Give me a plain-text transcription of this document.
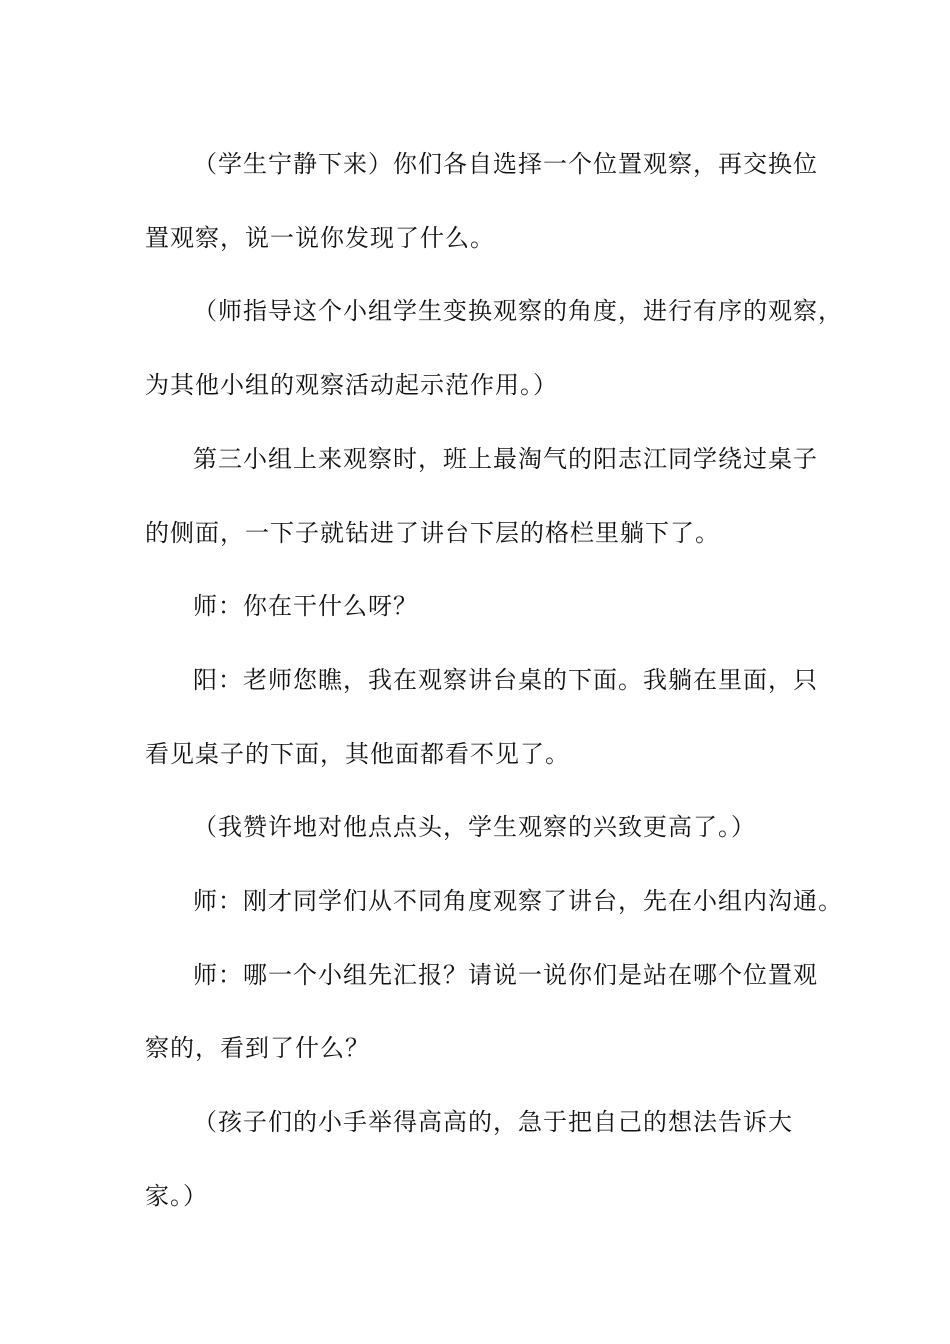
（学生宁静下来）你们各自选择一个位置观察，再交换位
置观察，说一说你发现了什么。

（师指导这个小组学生变换观察的角度，进行有序的观察，
为其他小组的观察活动起示范作用。）

第三小组上来观察时，班上最淘气的阳志江同学绕过桌子
的侧面，一下子就钻进了讲台下层的格栏里躺下了。

师：你在干什么呀？

阳：老师您瞧，我在观察讲台桌的下面。我躺在里面，只
看见桌子的下面，其他面都看不见了。

（我赞许地对他点点头，学生观察的兴致更高了。）

师：刚才同学们从不同角度观察了讲台，先在小组内沟通。

师：哪一个小组先汇报？请说一说你们是站在哪个位置观
察的，看到了什么？

（孩子们的小手举得高高的，急于把自己的想法告诉大
家。）
